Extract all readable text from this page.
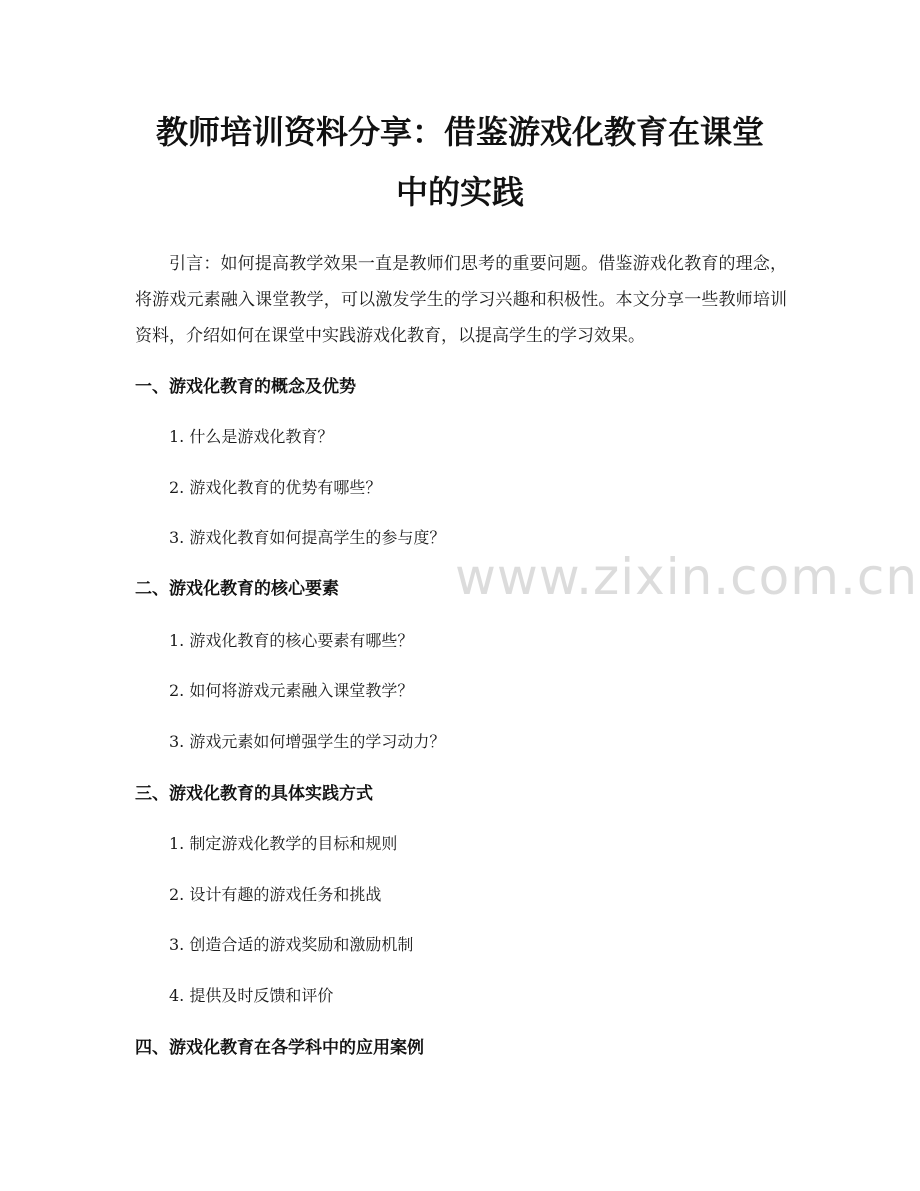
教师培训资料分享：借鉴游戏化教育在课堂
中的实践

引言：如何提高教学效果一直是教师们思考的重要问题。借鉴游戏化教育的理念，将游戏元素融入课堂教学，可以激发学生的学习兴趣和积极性。本文分享一些教师培训资料，介绍如何在课堂中实践游戏化教育，以提高学生的学习效果。

一、游戏化教育的概念及优势

1. 什么是游戏化教育？

2. 游戏化教育的优势有哪些？

3. 游戏化教育如何提高学生的参与度？

二、游戏化教育的核心要素

1. 游戏化教育的核心要素有哪些？

2. 如何将游戏元素融入课堂教学？

3. 游戏元素如何增强学生的学习动力？

三、游戏化教育的具体实践方式

1. 制定游戏化教学的目标和规则

2. 设计有趣的游戏任务和挑战

3. 创造合适的游戏奖励和激励机制

4. 提供及时反馈和评价

四、游戏化教育在各学科中的应用案例
www.zixin.com.cn
